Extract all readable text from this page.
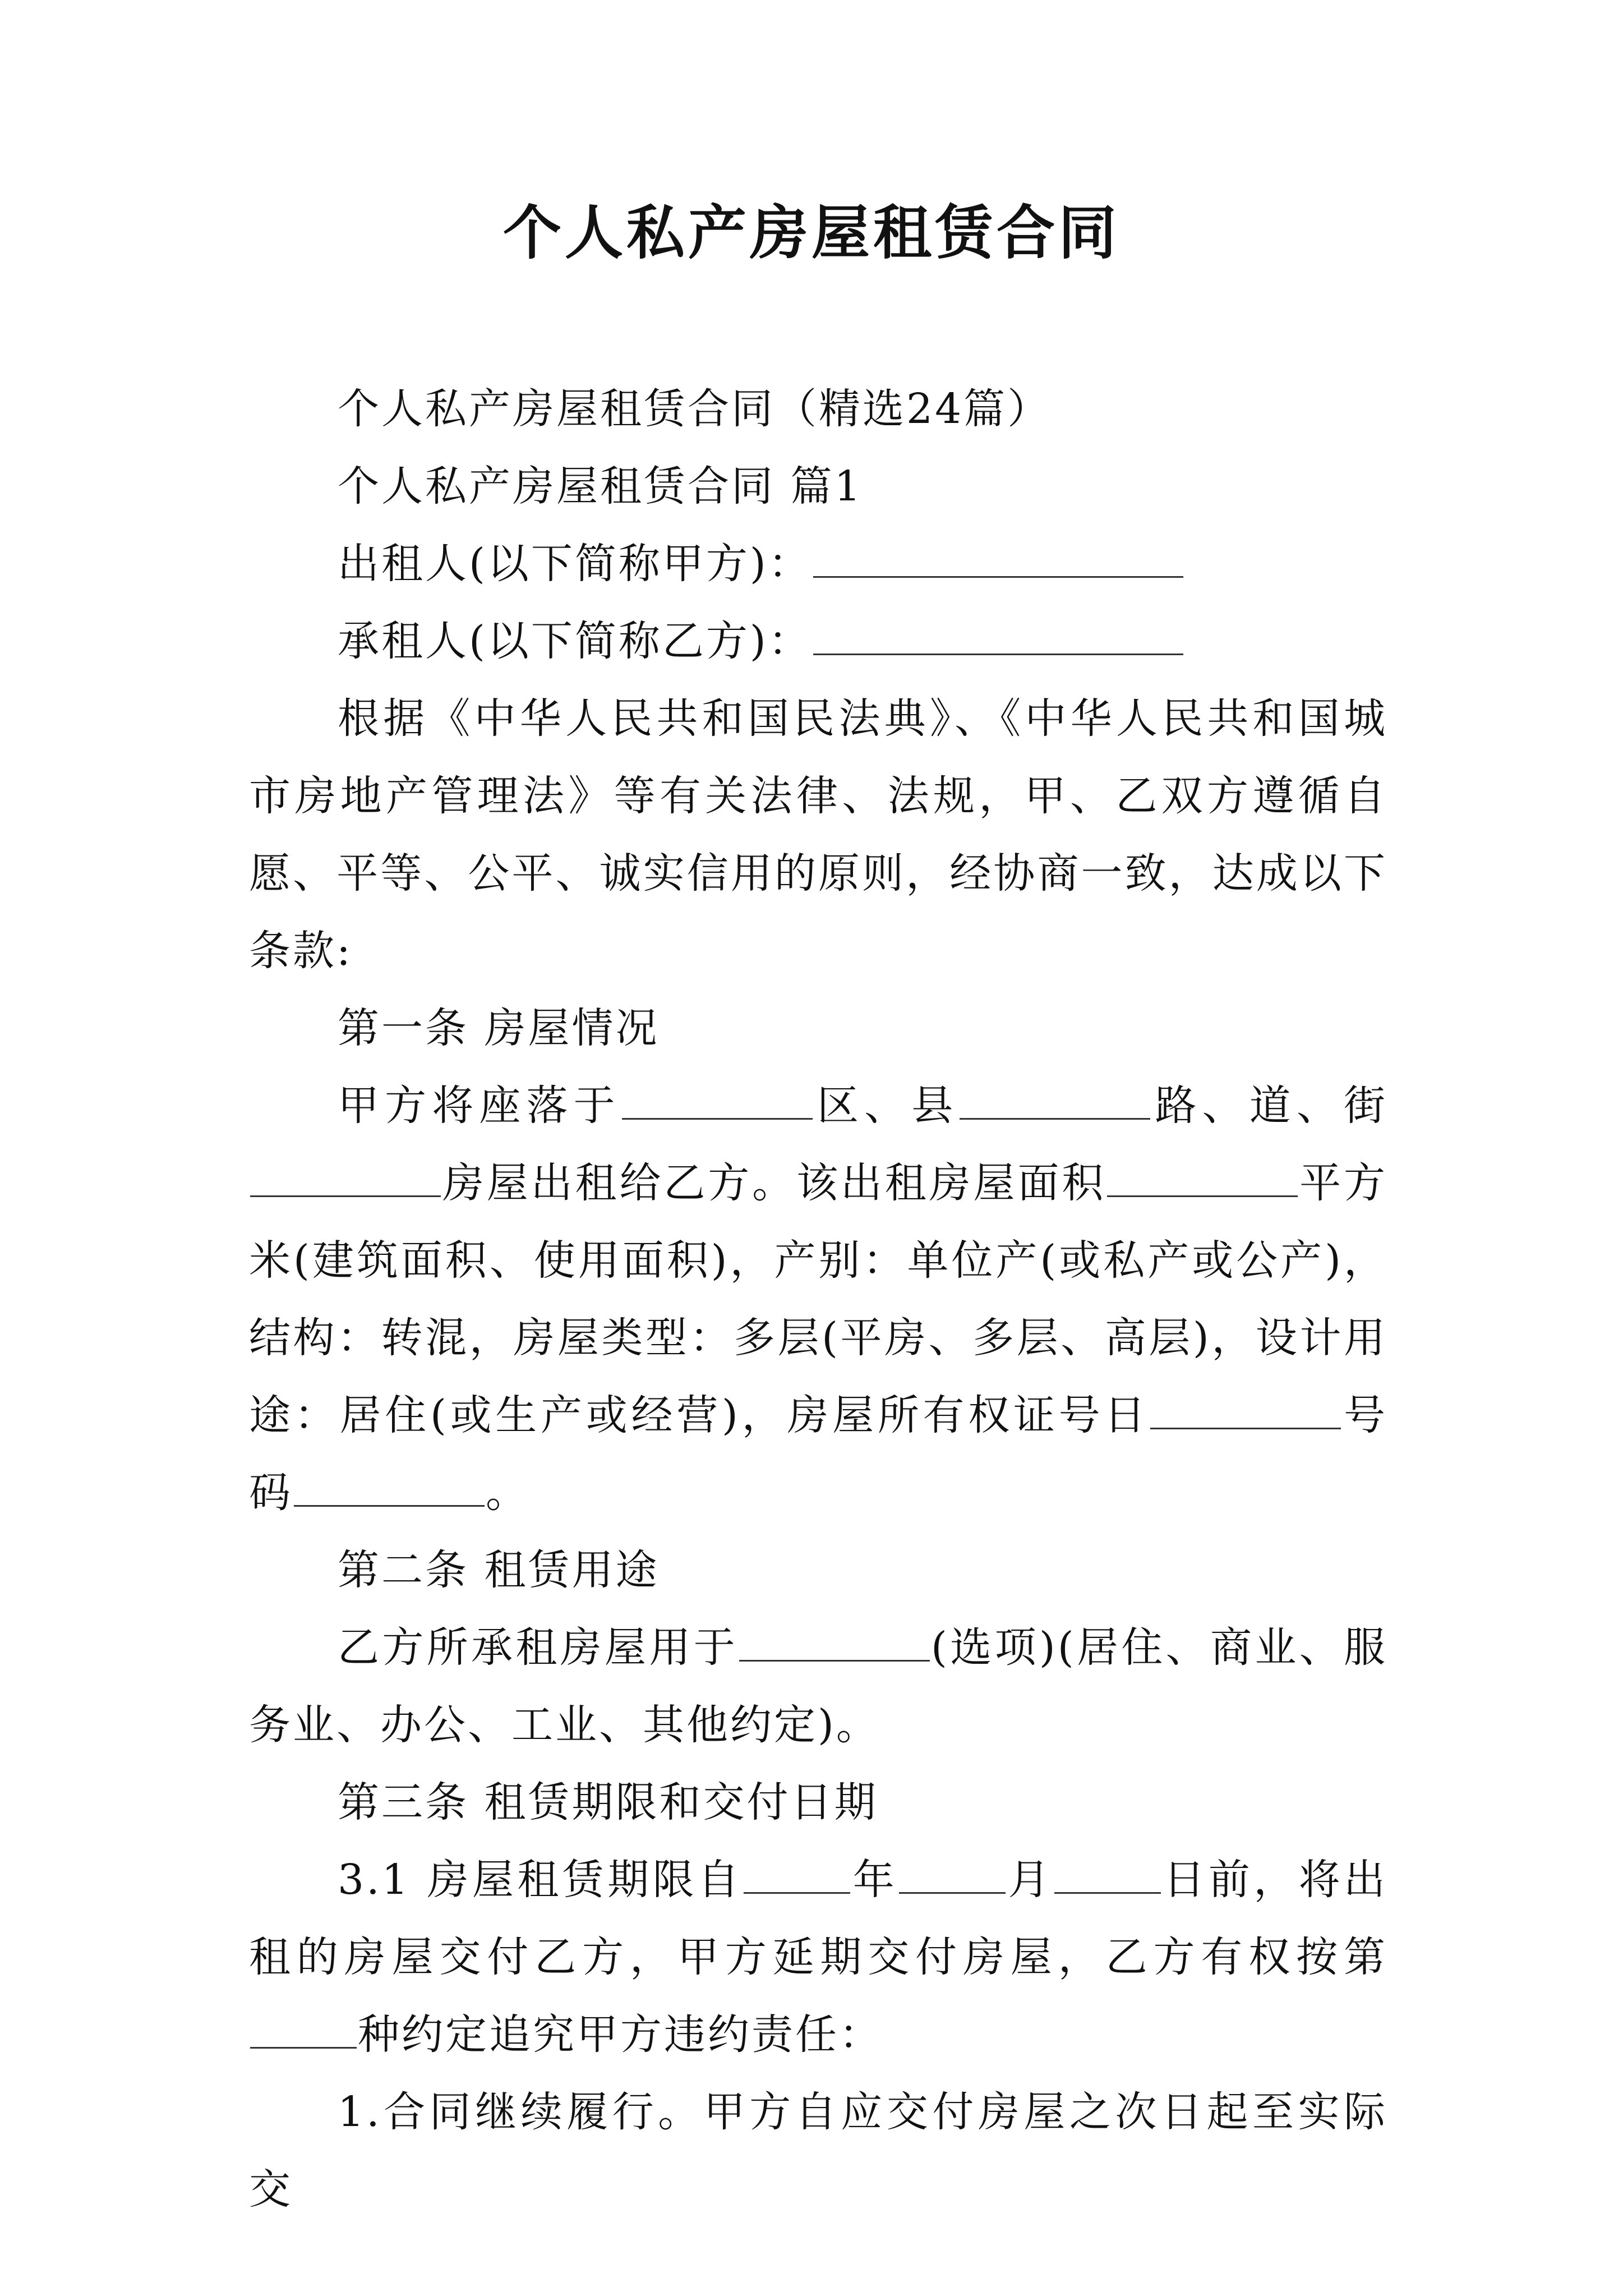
个人私产房屋租赁合同

个人私产房屋租赁合同（精选24篇）

个人私产房屋租赁合同 篇1

出租人(以下简称甲方)：

承租人(以下简称乙方)：

根据《中华人民共和国民法典》、《中华人民共和国城市房地产管理法》等有关法律、法规，甲、乙双方遵循自愿、平等、公平、诚实信用的原则，经协商一致，达成以下条款:

第一条 房屋情况

甲方将座落于	区、县	路、道、街房屋出租给乙方。该出租房屋面积	平方米(建筑面积、使用面积)，产别：单位产(或私产或公产)，结构：转混，房屋类型：多层(平房、多层、高层)，设计用途：居住(或生产或经营)，房屋所有权证号日	号码	。

第二条 租赁用途

乙方所承租房屋用于	(选项)(居住、商业、服务业、办公、工业、其他约定)。

第三条 租赁期限和交付日期

3.1 房屋租赁期限自	年	月	日前，将出租的房屋交付乙方，甲方延期交付房屋，乙方有权按第种约定追究甲方违约责任：

1.合同继续履行。甲方自应交付房屋之次日起至实际交
